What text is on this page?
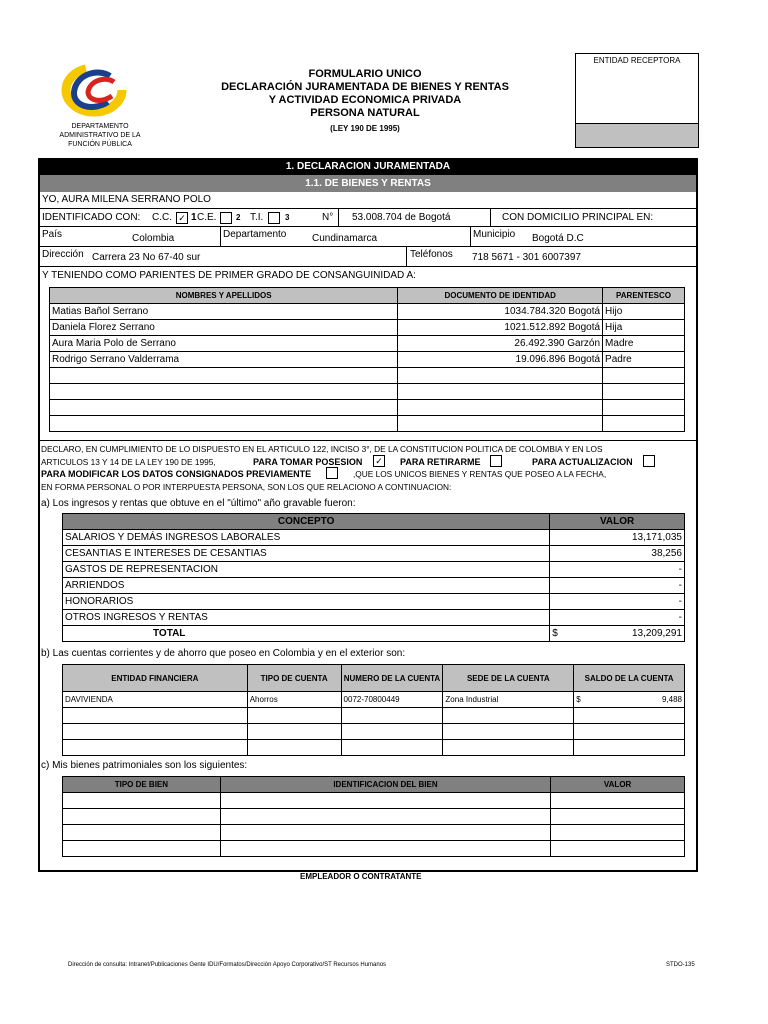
DEPARTAMENTO
ADMINISTRATIVO DE LA
FUNCIÓN PÚBLICA
FORMULARIO UNICO
DECLARACIÓN JURAMENTADA DE BIENES Y RENTAS
Y ACTIVIDAD ECONOMICA PRIVADA
PERSONA NATURAL
(LEY 190 DE 1995)
ENTIDAD RECEPTORA
1. DECLARACION JURAMENTADA
1.1. DE BIENES Y RENTAS
YO, AURA MILENA SERRANO POLO
IDENTIFICADO CON: C.C. ✓ 1 C.E. 2 T.I.	3	N° 53.008.704 de Bogotá	CON DOMICILIO PRINCIPAL EN:
País	Colombia	Departamento	Cundinamarca	Municipio Bogotá D.C
Dirección Carrera 23 No 67-40 sur	Teléfonos 718 5671 - 301 6007397
Y TENIENDO COMO PARIENTES DE PRIMER GRADO DE CONSANGUINIDAD A:
NOMBRES Y APELLIDOS	DOCUMENTO DE IDENTIDAD	PARENTESCO
Matias Bañol Serrano	1034.784.320 Bogotá	Hijo
Daniela Florez Serrano	1021.512.892 Bogotá	Hija
Aura Maria Polo de Serrano	26.492.390 Garzón	Madre
Rodrigo Serrano Valderrama	19.096.896 Bogotá	Padre

DECLARO, EN CUMPLIMIENTO DE LO DISPUESTO EN EL ARTICULO 122, INCISO 3°, DE LA CONSTITUCION POLITICA DE COLOMBIA Y EN LOS
ARTICULOS 13 Y 14 DE LA LEY 190 DE 1995,	PARA TOMAR POSESION ✓ PARA RETIRARME	PARA ACTUALIZACION
PARA MODIFICAR LOS DATOS CONSIGNADOS PREVIAMENTE	,QUE LOS UNICOS BIENES Y RENTAS QUE POSEO A LA FECHA,
EN FORMA PERSONAL O POR INTERPUESTA PERSONA, SON LOS QUE RELACIONO A CONTINUACION:
a) Los ingresos y rentas que obtuve en el "último" año gravable fueron:
CONCEPTO	VALOR
SALARIOS Y DEMÁS INGRESOS LABORALES	13,171,035
CESANTIAS E INTERESES DE CESANTIAS	38,256
GASTOS DE REPRESENTACION	-
ARRIENDOS	-
HONORARIOS	-
OTROS INGRESOS Y RENTAS	-
TOTAL	$ 13,209,291
b) Las cuentas corrientes y de ahorro que poseo en Colombia y en el exterior son:
ENTIDAD FINANCIERA	TIPO DE CUENTA	NUMERO DE LA CUENTA	SEDE DE LA CUENTA	SALDO DE LA CUENTA	
DAVIVIENDA	Ahorros	0072-70800449	Zona Industrial	$	9,488

c) Mis bienes patrimoniales son los siguientes:
TIPO DE BIEN	IDENTIFICACION DEL BIEN	VALOR

EMPLEADOR O CONTRATANTE
Dirección de consulta: Intranet/Publicaciones Gente IDU/Formatos/Dirección Apoyo Corporativo/ST Recursos Humanos	STDO-135
